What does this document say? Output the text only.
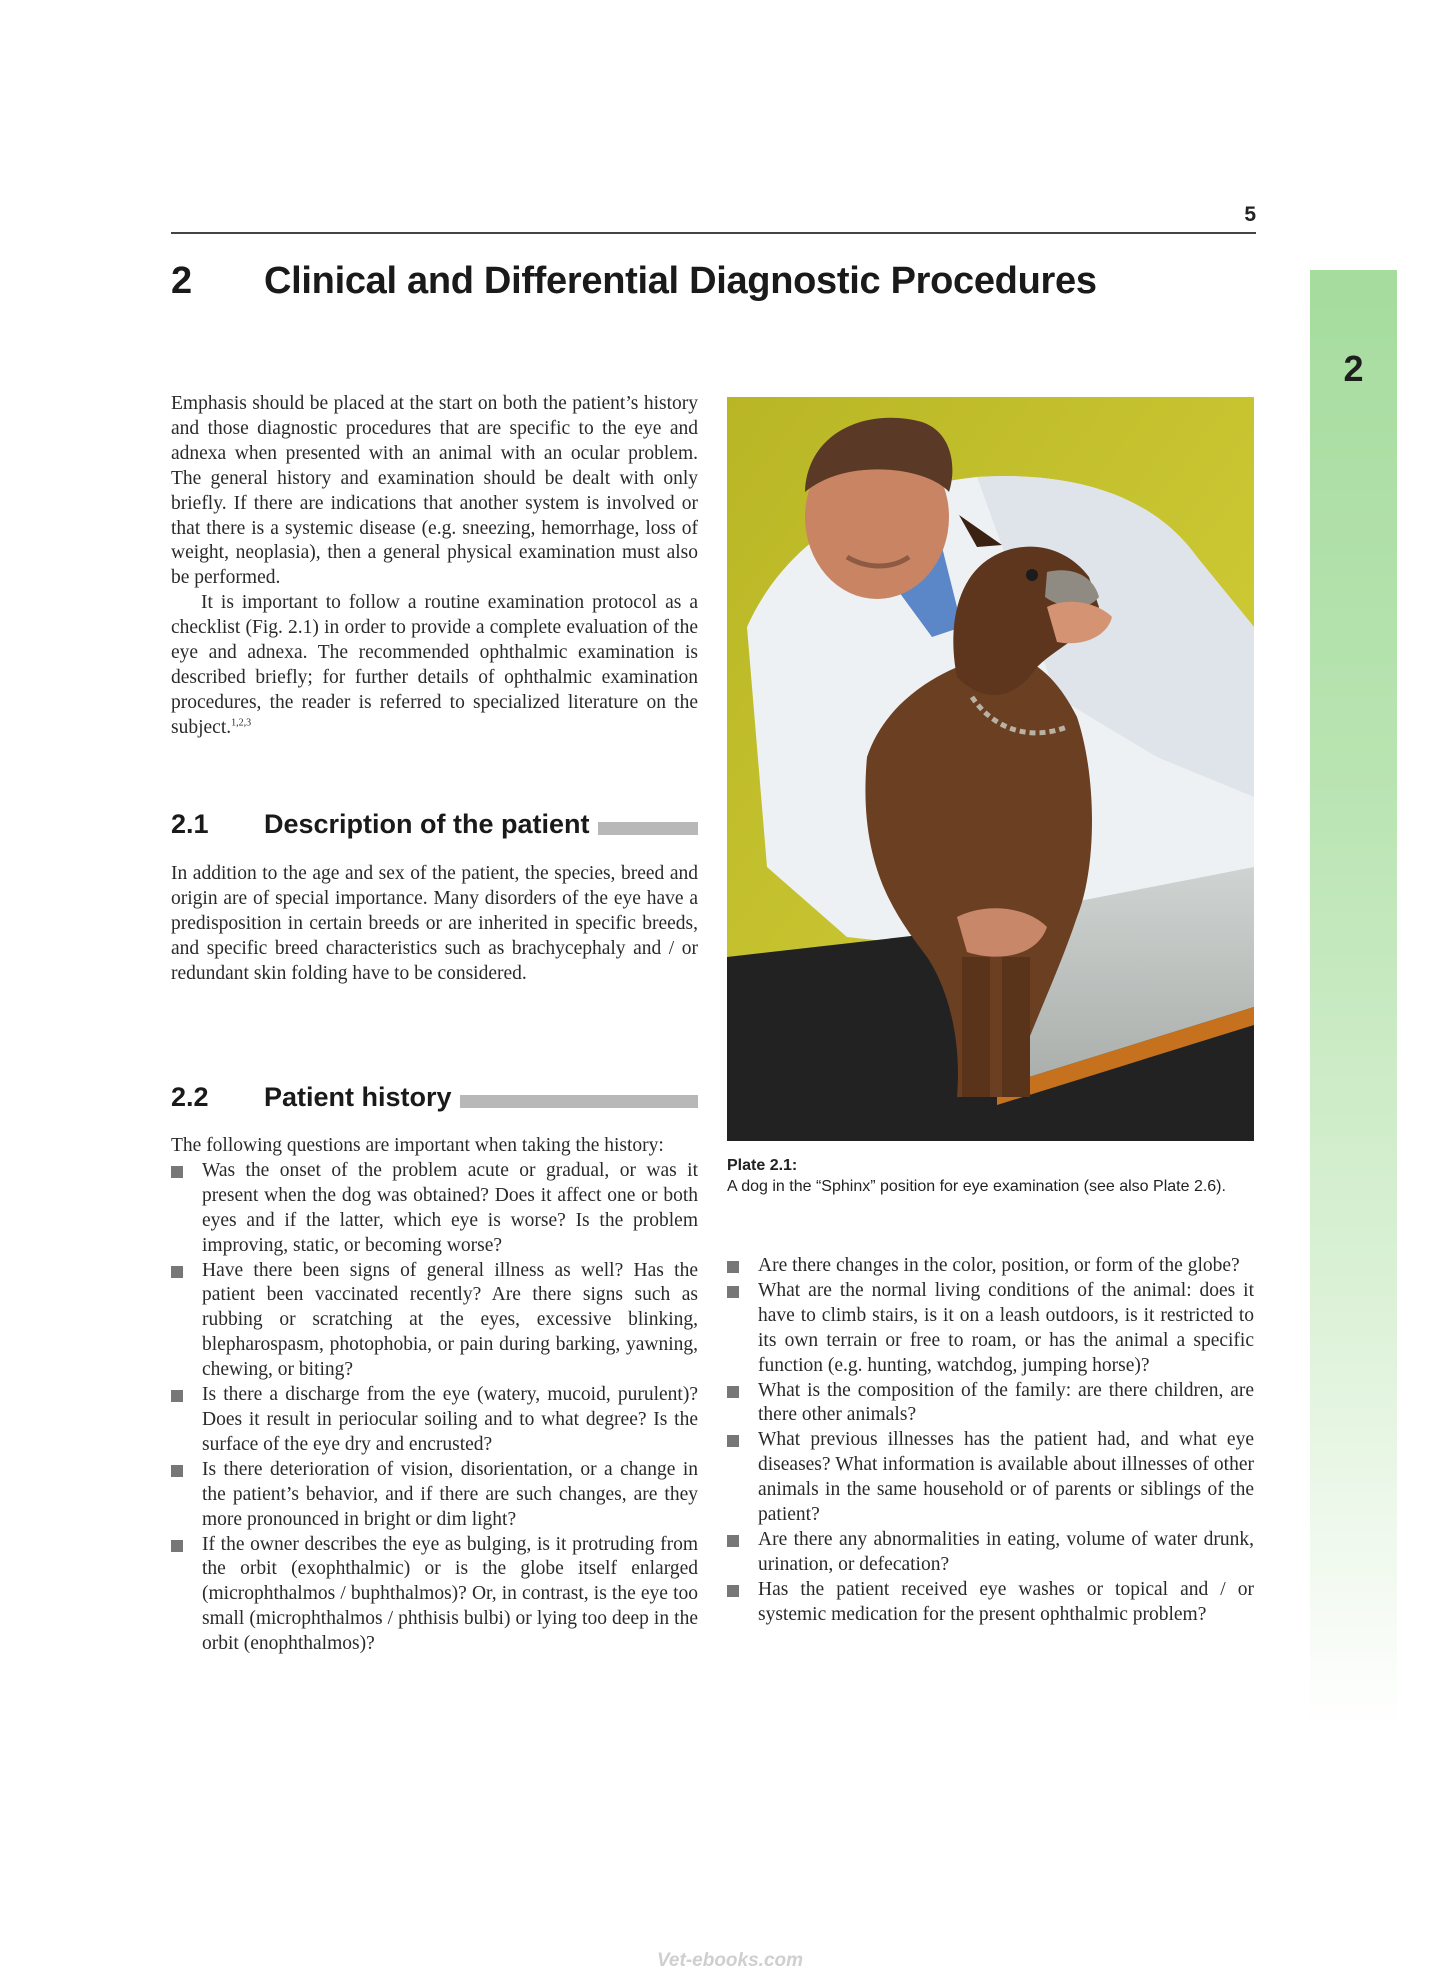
5
2 Clinical and Differential Diagnostic Procedures
2

Emphasis should be placed at the start on both the patient’s history and those diagnostic procedures that are specific to the eye and adnexa when presented with an animal with an ocular problem. The general history and examination should be dealt with only briefly. If there are indications that another system is involved or that there is a systemic disease (e.g. sneezing, hemorrhage, loss of weight, neoplasia), then a general physical examination must also be performed.

It is important to follow a routine examination protocol as a checklist (Fig. 2.1) in order to provide a complete evaluation of the eye and adnexa. The recommended ophthalmic examination is described briefly; for further details of ophthalmic examination procedures, the reader is referred to specialized literature on the subject.$^{1,2,3}$

2.1	Description of the patient

In addition to the age and sex of the patient, the species, breed and origin are of special importance. Many disorders of the eye have a predisposition in certain breeds or are inherited in specific breeds, and specific breed characteristics such as brachycephaly and / or redundant skin folding have to be considered.

2.2	Patient history

The following questions are important when taking the history:

Was the onset of the problem acute or gradual, or was it present when the dog was obtained? Does it affect one or both eyes and if the latter, which eye is worse? Is the problem improving, static, or becoming worse?
Have there been signs of general illness as well? Has the patient been vaccinated recently? Are there signs such as rubbing or scratching at the eyes, excessive blinking, blepharospasm, photophobia, or pain during barking, yawning, chewing, or biting?
Is there a discharge from the eye (watery, mucoid, purulent)? Does it result in periocular soiling and to what degree? Is the surface of the eye dry and encrusted?
Is there deterioration of vision, disorientation, or a change in the patient’s behavior, and if there are such changes, are they more pronounced in bright or dim light?
If the owner describes the eye as bulging, is it protruding from the orbit (exophthalmic) or is the globe itself enlarged (microphthalmos / buphthalmos)? Or, in contrast, is the eye too small (microphthalmos / phthisis bulbi) or lying too deep in the orbit (enophthalmos)?
Plate 2.1:
A dog in the “Sphinx” position for eye examination (see also Plate 2.6).
Are there changes in the color, position, or form of the globe?
What are the normal living conditions of the animal: does it have to climb stairs, is it on a leash outdoors, is it restricted to its own terrain or free to roam, or has the animal a specific function (e.g. hunting, watchdog, jumping horse)?
What is the composition of the family: are there children, are there other animals?
What previous illnesses has the patient had, and what eye diseases? What information is available about illnesses of other animals in the same household or of parents or siblings of the patient?
Are there any abnormalities in eating, volume of water drunk, urination, or defecation?
Has the patient received eye washes or topical and / or systemic medication for the present ophthalmic problem?
Vet-ebooks.com
